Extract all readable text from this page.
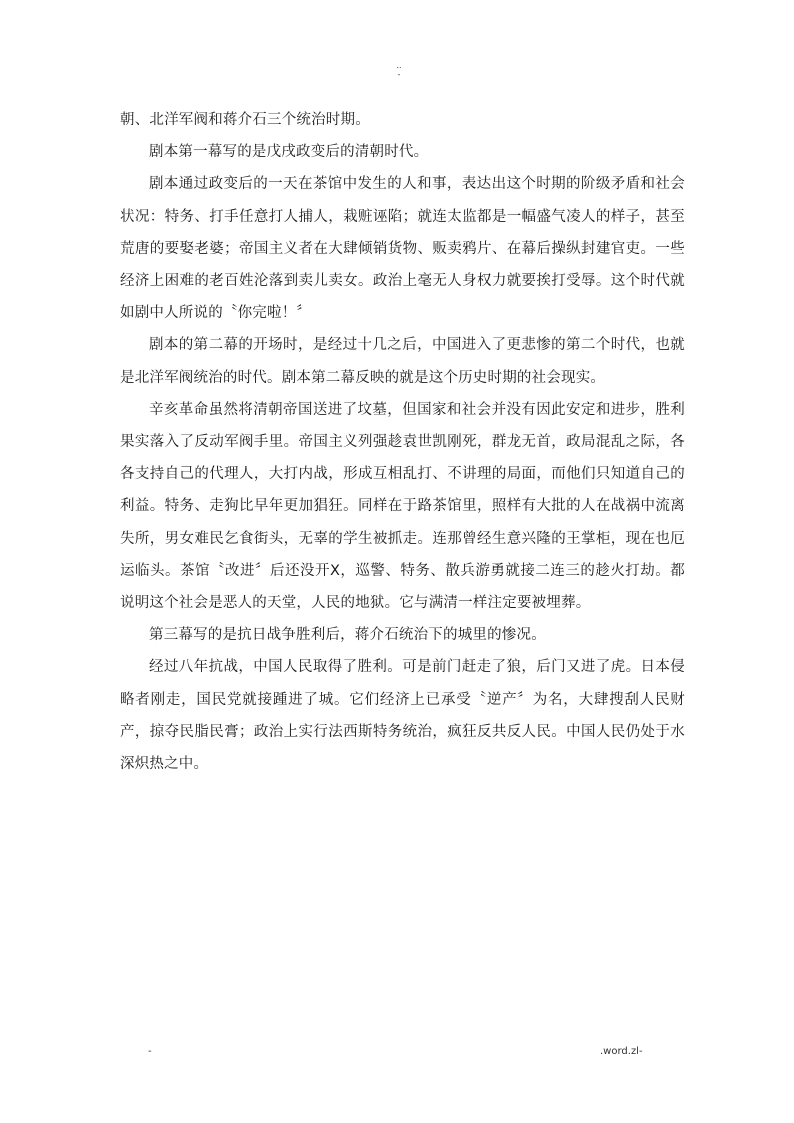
..
-

朝、北洋军阀和蒋介石三个统治时期。

剧本第一幕写的是戊戌政变后的清朝时代。

剧本通过政变后的一天在茶馆中发生的人和事，表达出这个时期的阶级矛盾和社会状况：特务、打手任意打人捕人，栽赃诬陷；就连太监都是一幅盛气凌人的样子，甚至荒唐的要娶老婆；帝国主义者在大肆倾销货物、贩卖鸦片、在幕后操纵封建官吏。一些经济上困难的老百姓沦落到卖儿卖女。政治上毫无人身权力就要挨打受辱。这个时代就如剧中人所说的〝你完啦！〞

剧本的第二幕的开场时，是经过十几之后，中国进入了更悲惨的第二个时代，也就是北洋军阀统治的时代。剧本第二幕反映的就是这个历史时期的社会现实。

辛亥革命虽然将清朝帝国送进了坟墓，但国家和社会并没有因此安定和进步，胜利果实落入了反动军阀手里。帝国主义列强趁袁世凯刚死，群龙无首，政局混乱之际，各各支持自己的代理人，大打内战，形成互相乱打、不讲理的局面，而他们只知道自己的利益。特务、走狗比早年更加猖狂。同样在于路茶馆里，照样有大批的人在战祸中流离失所，男女难民乞食街头，无辜的学生被抓走。连那曾经生意兴隆的王掌柜，现在也厄运临头。茶馆〝改进〞后还没开X，巡警、特务、散兵游勇就接二连三的趁火打劫。都说明这个社会是恶人的天堂，人民的地狱。它与满清一样注定要被埋葬。

第三幕写的是抗日战争胜利后，蒋介石统治下的城里的惨况。

经过八年抗战，中国人民取得了胜利。可是前门赶走了狼，后门又进了虎。日本侵略者刚走，国民党就接踵进了城。它们经济上已承受〝逆产〞为名，大肆搜刮人民财产，掠夺民脂民膏；政治上实行法西斯特务统治，疯狂反共反人民。中国人民仍处于水深炽热之中。

-	.word.zl-
